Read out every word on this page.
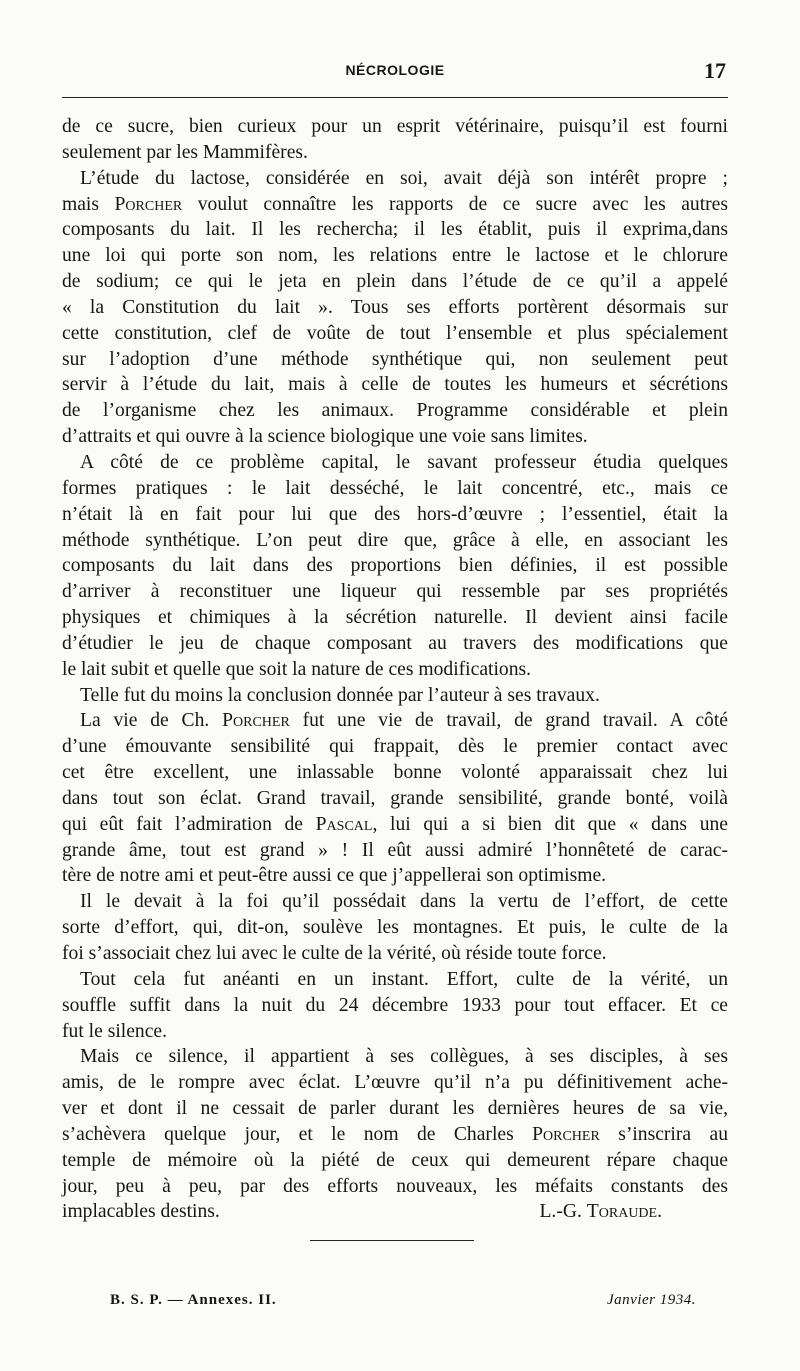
NÉCROLOGIE	17

de ce sucre, bien curieux pour un esprit vétérinaire, puisqu’il est fourni
seulement par les Mammifères.

L’étude du lactose, considérée en soi, avait déjà son intérêt propre ;
mais Porcher voulut connaître les rapports de ce sucre avec les autres
composants du lait. Il les rechercha; il les établit, puis il exprima,dans
une loi qui porte son nom, les relations entre le lactose et le chlorure
de sodium; ce qui le jeta en plein dans l’étude de ce qu’il a appelé
« la Constitution du lait ». Tous ses efforts portèrent désormais sur
cette constitution, clef de voûte de tout l’ensemble et plus spécialement
sur l’adoption d’une méthode synthétique qui, non seulement peut
servir à l’étude du lait, mais à celle de toutes les humeurs et sécrétions
de l’organisme chez les animaux. Programme considérable et plein
d’attraits et qui ouvre à la science biologique une voie sans limites.

A côté de ce problème capital, le savant professeur étudia quelques
formes pratiques : le lait desséché, le lait concentré, etc., mais ce
n’était là en fait pour lui que des hors-d’œuvre ; l’essentiel, était la
méthode synthétique. L’on peut dire que, grâce à elle, en associant les
composants du lait dans des proportions bien définies, il est possible
d’arriver à reconstituer une liqueur qui ressemble par ses propriétés
physiques et chimiques à la sécrétion naturelle. Il devient ainsi facile
d’étudier le jeu de chaque composant au travers des modifications que
le lait subit et quelle que soit la nature de ces modifications.

Telle fut du moins la conclusion donnée par l’auteur à ses travaux.

La vie de Ch. Porcher fut une vie de travail, de grand travail. A côté
d’une émouvante sensibilité qui frappait, dès le premier contact avec
cet être excellent, une inlassable bonne volonté apparaissait chez lui
dans tout son éclat. Grand travail, grande sensibilité, grande bonté, voilà
qui eût fait l’admiration de Pascal, lui qui a si bien dit que « dans une
grande âme, tout est grand » ! Il eût aussi admiré l’honnêteté de carac-
tère de notre ami et peut-être aussi ce que j’appellerai son optimisme.

Il le devait à la foi qu’il possédait dans la vertu de l’effort, de cette
sorte d’effort, qui, dit-on, soulève les montagnes. Et puis, le culte de la
foi s’associait chez lui avec le culte de la vérité, où réside toute force.

Tout cela fut anéanti en un instant. Effort, culte de la vérité, un
souffle suffit dans la nuit du 24 décembre 1933 pour tout effacer. Et ce
fut le silence.

Mais ce silence, il appartient à ses collègues, à ses disciples, à ses
amis, de le rompre avec éclat. L’œuvre qu’il n’a pu définitivement ache-
ver et dont il ne cessait de parler durant les dernières heures de sa vie,
s’achèvera quelque jour, et le nom de Charles Porcher s’inscrira au
temple de mémoire où la piété de ceux qui demeurent répare chaque
jour, peu à peu, par des efforts nouveaux, les méfaits constants des
implacables destins.	L.-G. Toraude.

B. S. P. — Annexes. II.	Janvier 1934.
